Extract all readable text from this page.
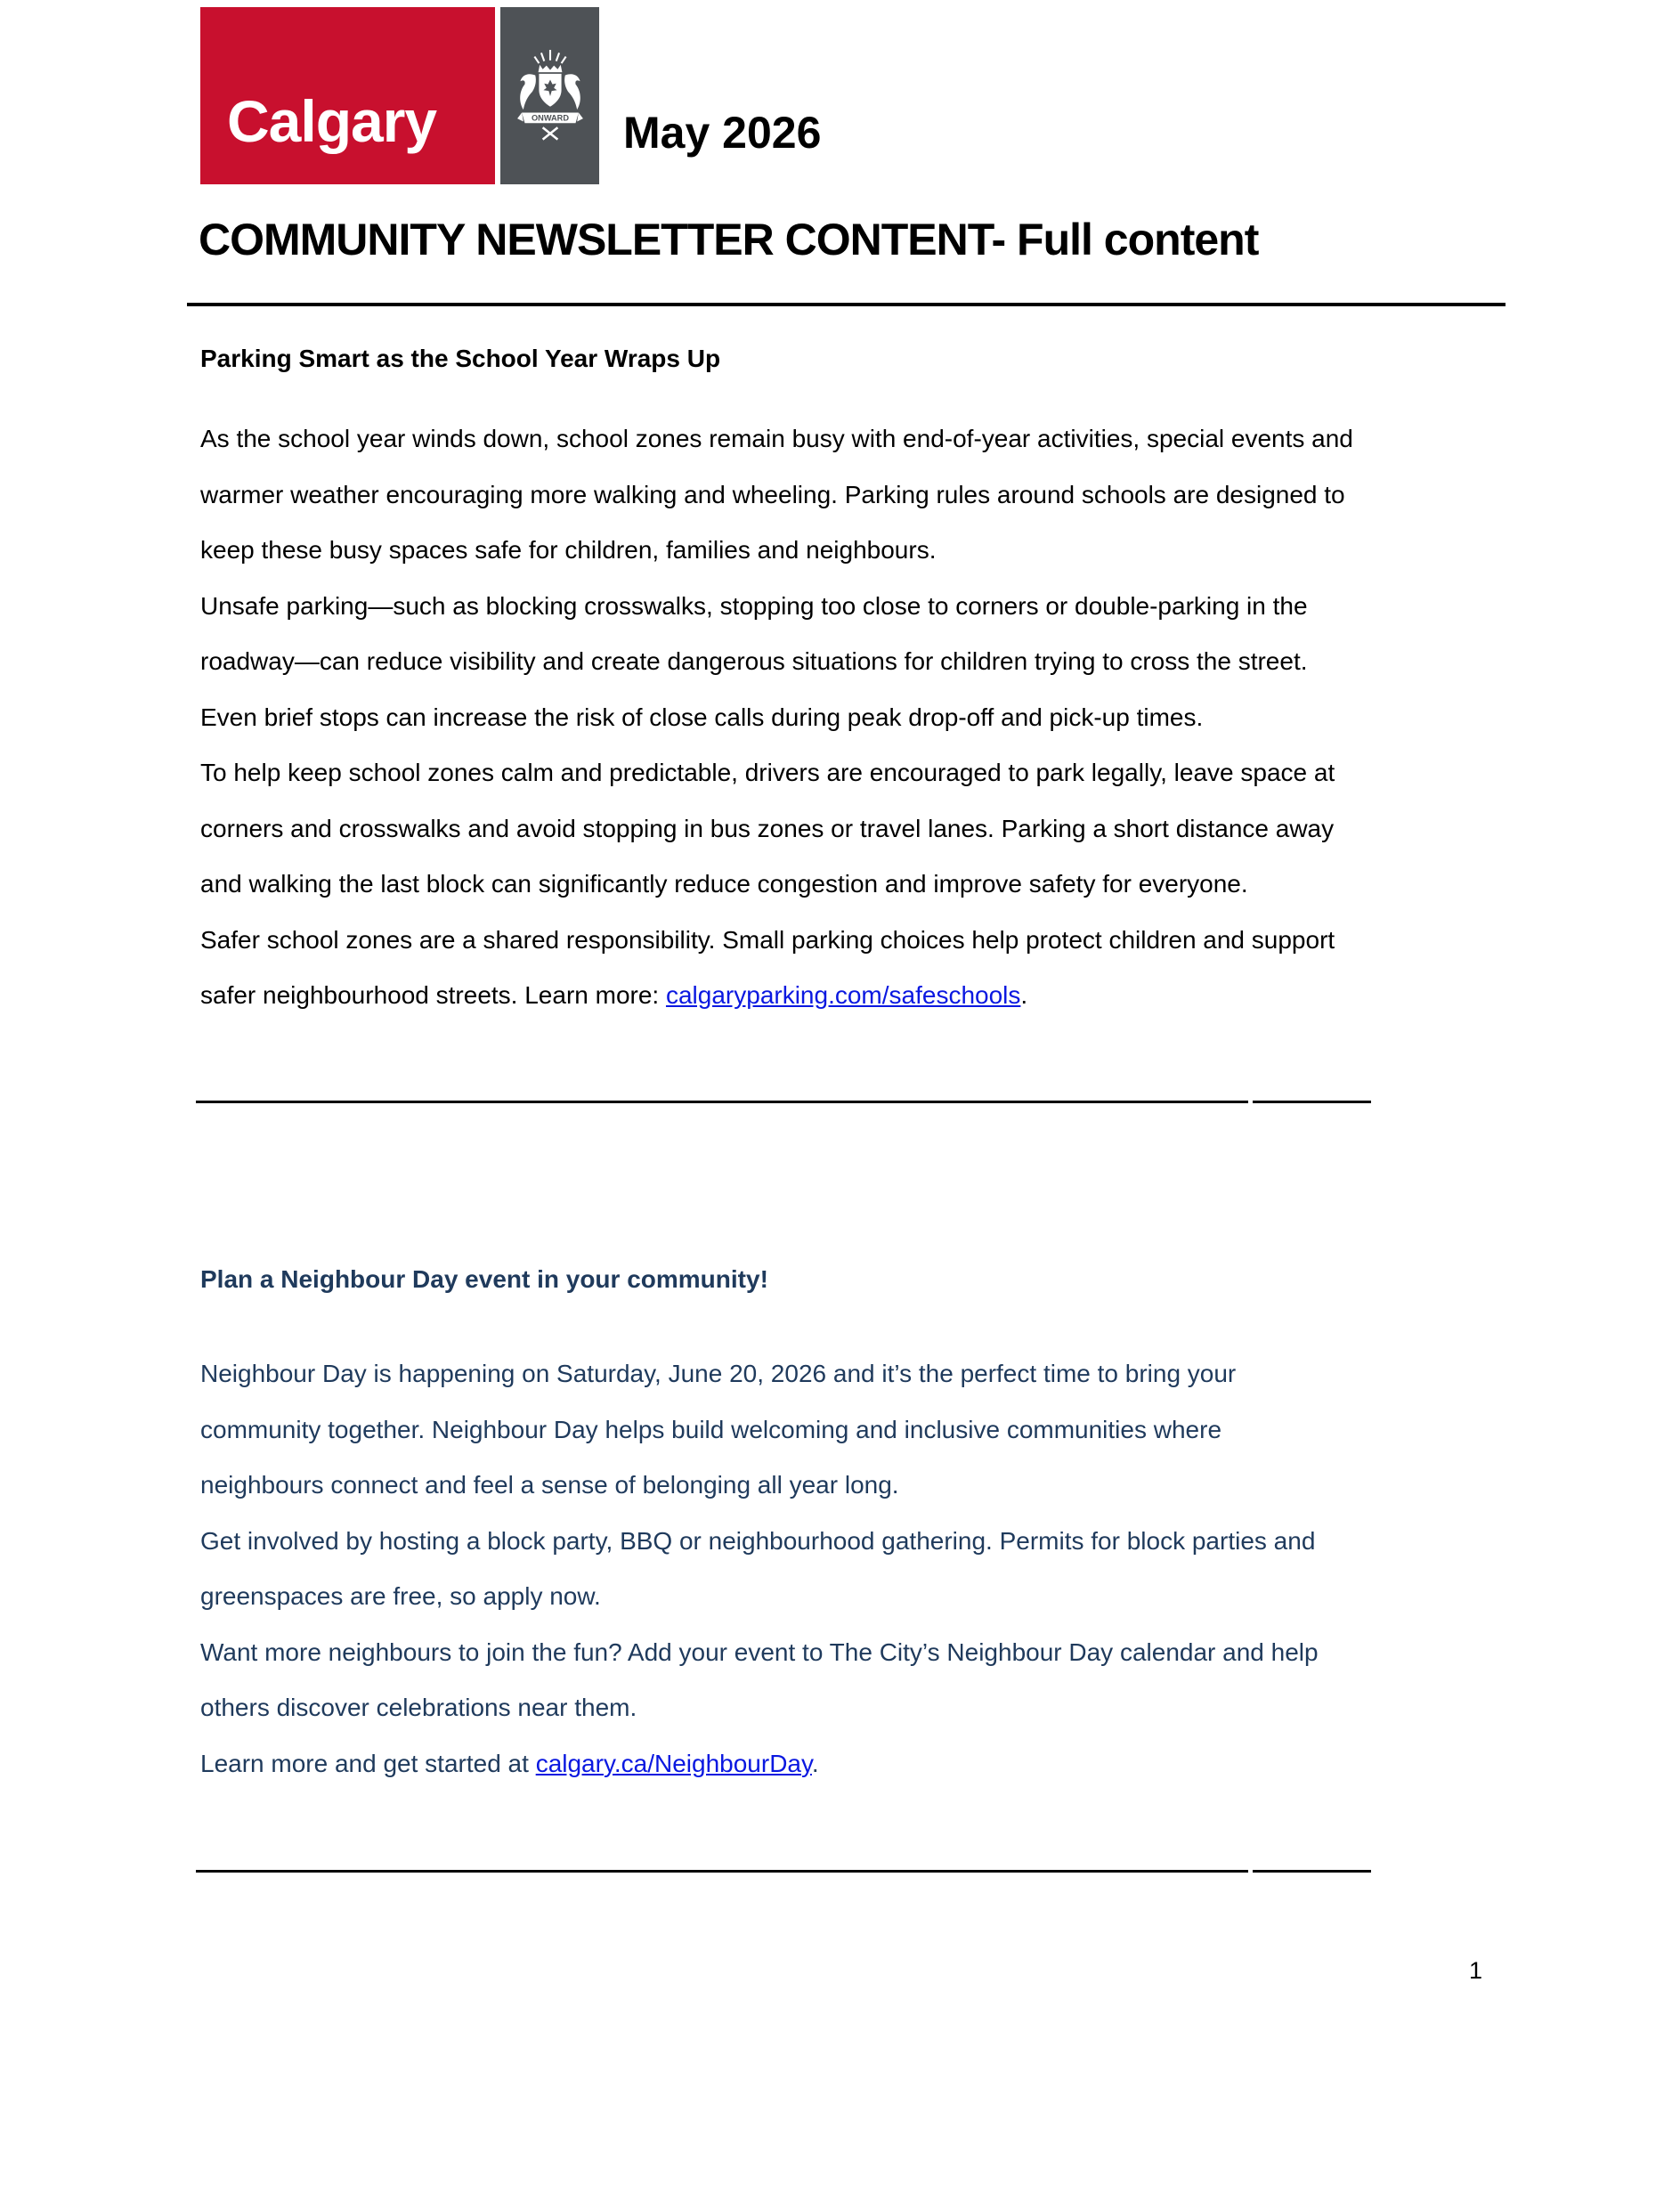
Calgary	ONWARD May 2026
COMMUNITY NEWSLETTER CONTENT- Full content
Parking Smart as the School Year Wraps Up
As the school year winds down, school zones remain busy with end-of-year activities, special events and
warmer weather encouraging more walking and wheeling. Parking rules around schools are designed to
keep these busy spaces safe for children, families and neighbours.
Unsafe parking—such as blocking crosswalks, stopping too close to corners or double-parking in the
roadway—can reduce visibility and create dangerous situations for children trying to cross the street.
Even brief stops can increase the risk of close calls during peak drop-off and pick-up times.
To help keep school zones calm and predictable, drivers are encouraged to park legally, leave space at
corners and crosswalks and avoid stopping in bus zones or travel lanes. Parking a short distance away
and walking the last block can significantly reduce congestion and improve safety for everyone.
Safer school zones are a shared responsibility. Small parking choices help protect children and support
safer neighbourhood streets. Learn more: calgaryparking.com/safeschools.
Plan a Neighbour Day event in your community!
Neighbour Day is happening on Saturday, June 20, 2026 and it’s the perfect time to bring your
community together. Neighbour Day helps build welcoming and inclusive communities where
neighbours connect and feel a sense of belonging all year long.
Get involved by hosting a block party, BBQ or neighbourhood gathering. Permits for block parties and
greenspaces are free, so apply now.
Want more neighbours to join the fun? Add your event to The City’s Neighbour Day calendar and help
others discover celebrations near them.
Learn more and get started at calgary.ca/NeighbourDay.
1
